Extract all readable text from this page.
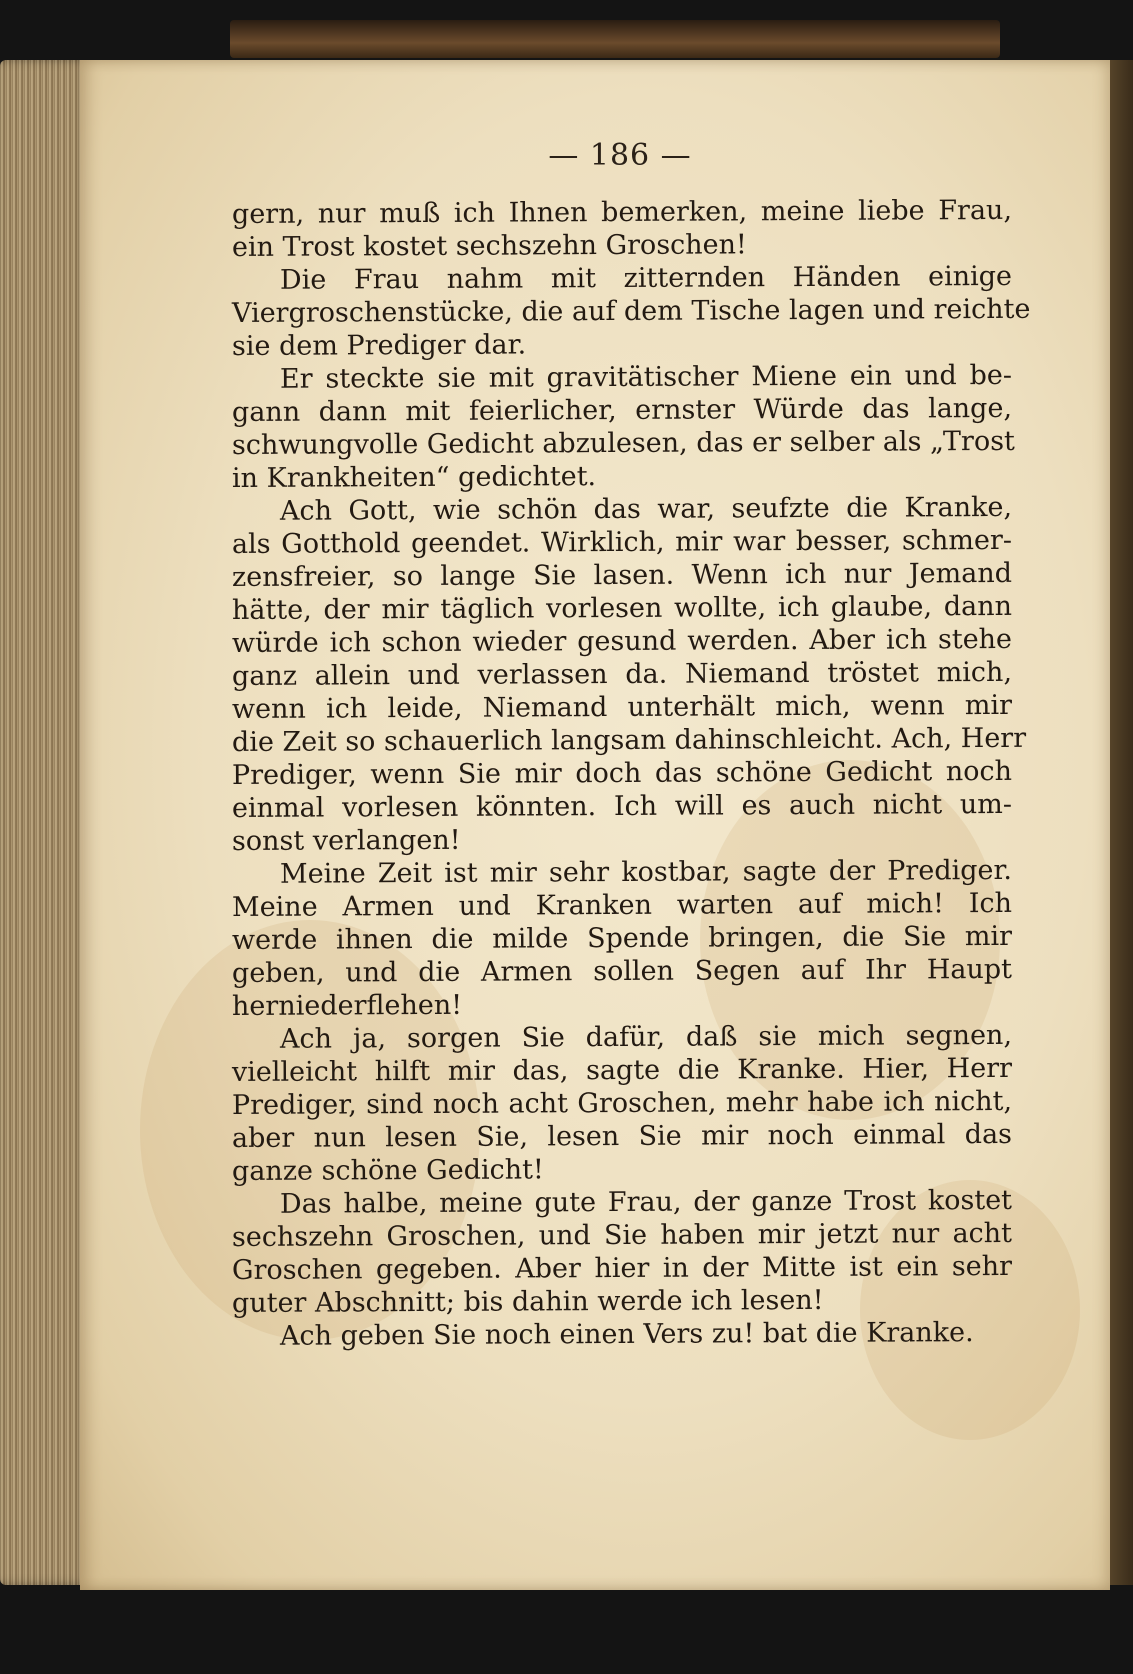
— 186 —
gern, nur muß ich Ihnen bemerken, meine liebe Frau,
ein Trost kostet sechszehn Groschen!
Die Frau nahm mit zitternden Händen einige
Viergroschenstücke, die auf dem Tische lagen und reichte
sie dem Prediger dar.
Er steckte sie mit gravitätischer Miene ein und be-
gann dann mit feierlicher, ernster Würde das lange,
schwungvolle Gedicht abzulesen, das er selber als „Trost
in Krankheiten“ gedichtet.
Ach Gott, wie schön das war, seufzte die Kranke,
als Gotthold geendet. Wirklich, mir war besser, schmer-
zensfreier, so lange Sie lasen. Wenn ich nur Jemand
hätte, der mir täglich vorlesen wollte, ich glaube, dann
würde ich schon wieder gesund werden. Aber ich stehe
ganz allein und verlassen da. Niemand tröstet mich,
wenn ich leide, Niemand unterhält mich, wenn mir
die Zeit so schauerlich langsam dahinschleicht. Ach, Herr
Prediger, wenn Sie mir doch das schöne Gedicht noch
einmal vorlesen könnten. Ich will es auch nicht um-
sonst verlangen!
Meine Zeit ist mir sehr kostbar, sagte der Prediger.
Meine Armen und Kranken warten auf mich! Ich
werde ihnen die milde Spende bringen, die Sie mir
geben, und die Armen sollen Segen auf Ihr Haupt
herniederflehen!
Ach ja, sorgen Sie dafür, daß sie mich segnen,
vielleicht hilft mir das, sagte die Kranke. Hier, Herr
Prediger, sind noch acht Groschen, mehr habe ich nicht,
aber nun lesen Sie, lesen Sie mir noch einmal das
ganze schöne Gedicht!
Das halbe, meine gute Frau, der ganze Trost kostet
sechszehn Groschen, und Sie haben mir jetzt nur acht
Groschen gegeben. Aber hier in der Mitte ist ein sehr
guter Abschnitt; bis dahin werde ich lesen!
Ach geben Sie noch einen Vers zu! bat die Kranke.
